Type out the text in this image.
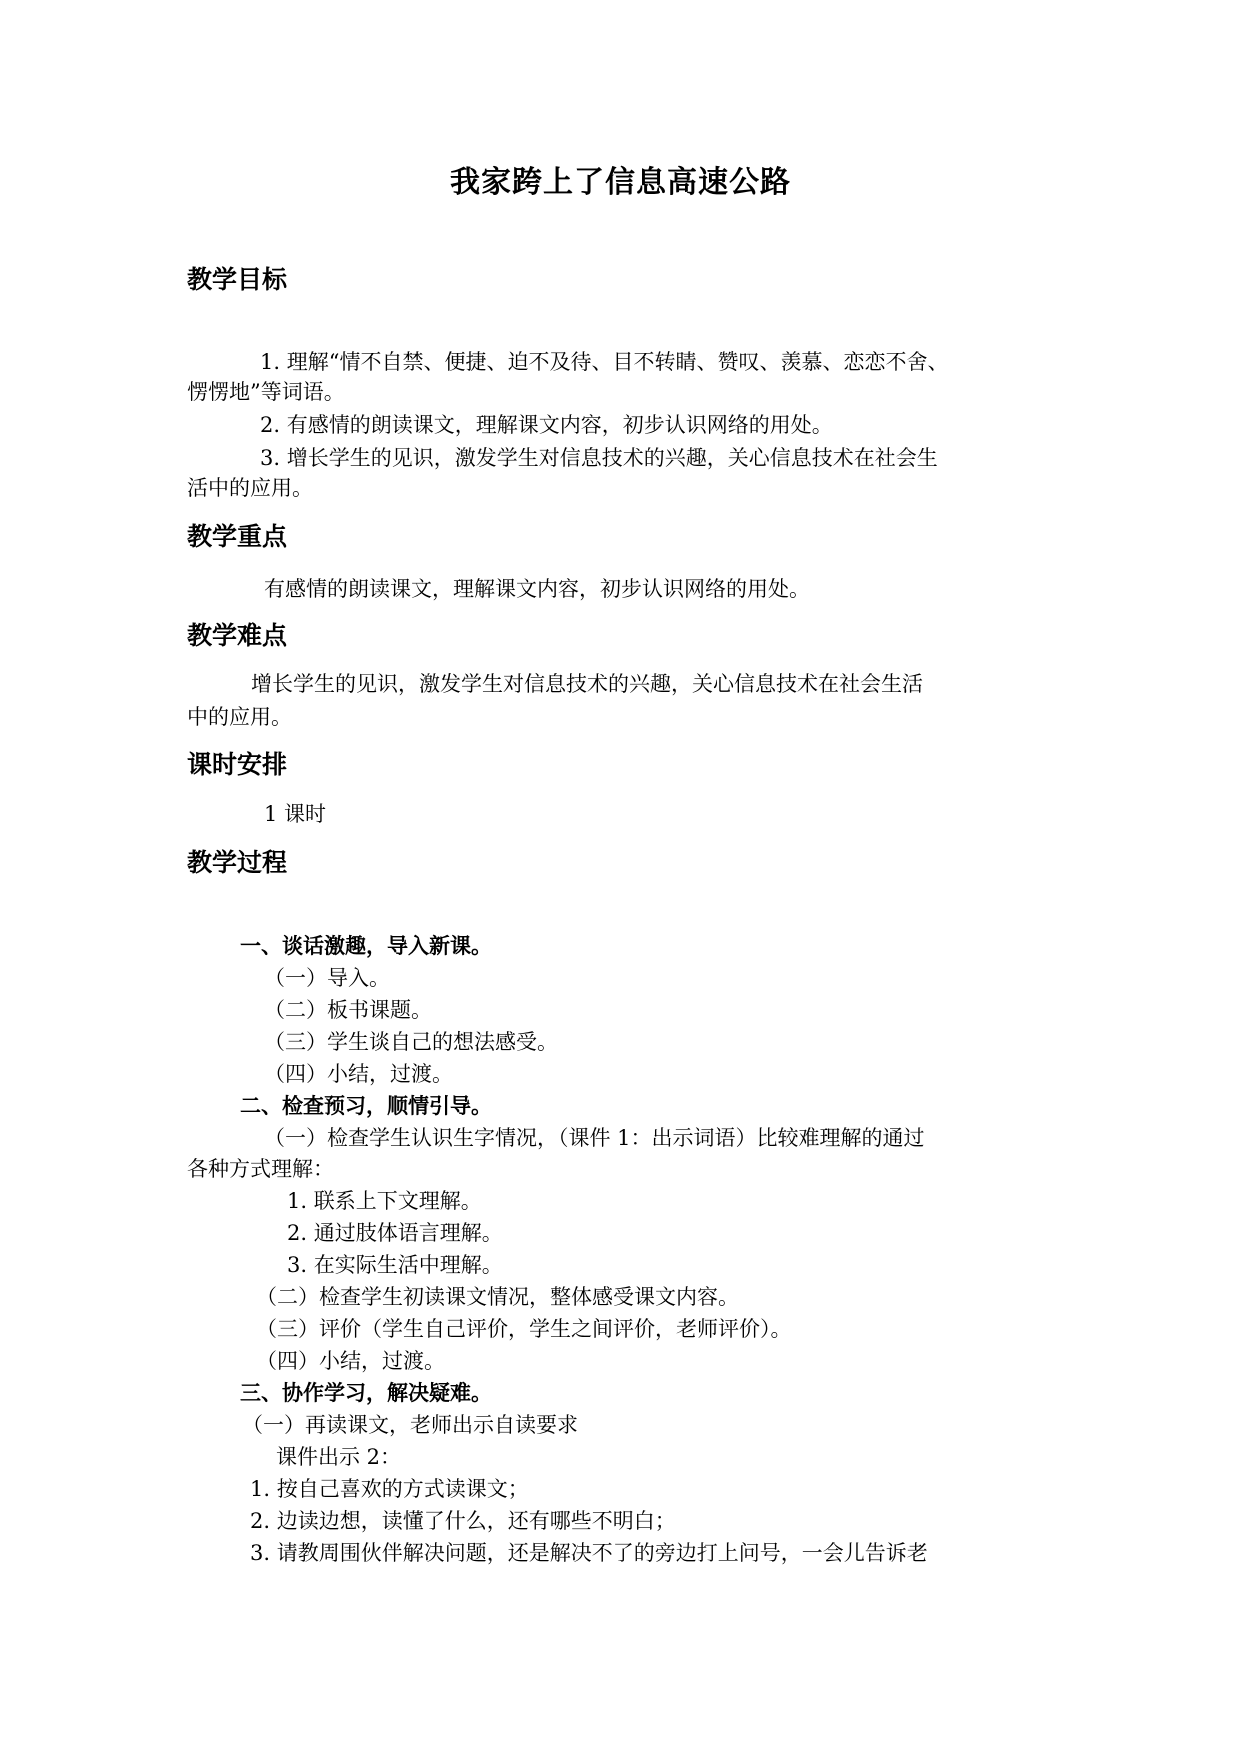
我家跨上了信息高速公路
教学目标
1. 理解“情不自禁、便捷、迫不及待、目不转睛、赞叹、羡慕、恋恋不舍、
愣愣地”等词语。
2. 有感情的朗读课文，理解课文内容，初步认识网络的用处。
3. 增长学生的见识，激发学生对信息技术的兴趣，关心信息技术在社会生
活中的应用。
教学重点
有感情的朗读课文，理解课文内容，初步认识网络的用处。
教学难点
增长学生的见识，激发学生对信息技术的兴趣，关心信息技术在社会生活
中的应用。
课时安排
1 课时
教学过程
一、谈话激趣，导入新课。
（一）导入。
（二）板书课题。
（三）学生谈自己的想法感受。
（四）小结，过渡。
二、检查预习，顺情引导。
（一）检查学生认识生字情况，（课件 1：出示词语）比较难理解的通过
各种方式理解：
1. 联系上下文理解。
2. 通过肢体语言理解。
3. 在实际生活中理解。
（二）检查学生初读课文情况，整体感受课文内容。
（三）评价（学生自己评价，学生之间评价，老师评价）。
（四）小结，过渡。
三、协作学习，解决疑难。
（一）再读课文，老师出示自读要求
课件出示 2：
1. 按自己喜欢的方式读课文；
2. 边读边想，读懂了什么，还有哪些不明白；
3. 请教周围伙伴解决问题，还是解决不了的旁边打上问号，一会儿告诉老
